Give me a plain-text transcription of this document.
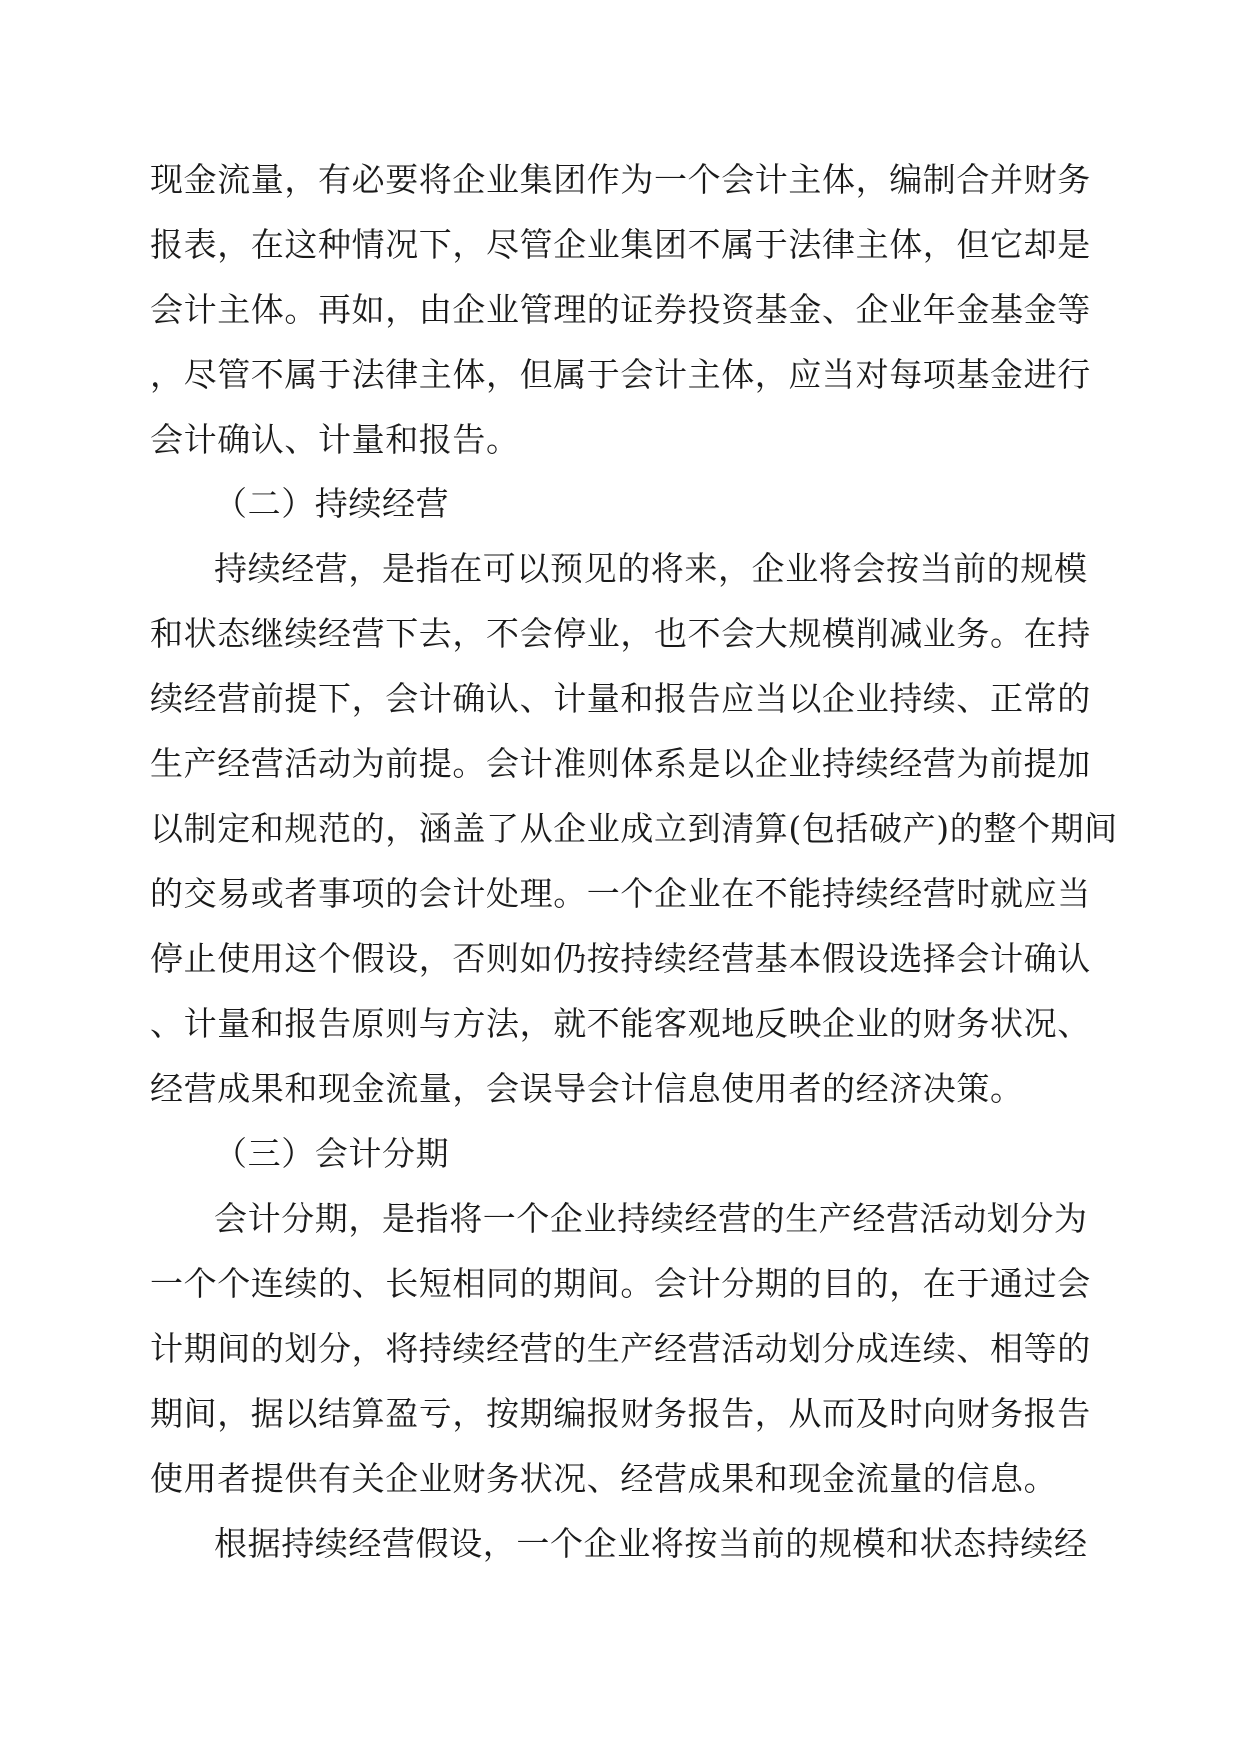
现金流量，有必要将企业集团作为一个会计主体，编制合并财务
报表，在这种情况下，尽管企业集团不属于法律主体，但它却是
会计主体。再如，由企业管理的证券投资基金、企业年金基金等
，尽管不属于法律主体，但属于会计主体，应当对每项基金进行
会计确认、计量和报告。
（二）持续经营
持续经营，是指在可以预见的将来，企业将会按当前的规模
和状态继续经营下去，不会停业，也不会大规模削减业务。在持
续经营前提下，会计确认、计量和报告应当以企业持续、正常的
生产经营活动为前提。会计准则体系是以企业持续经营为前提加
以制定和规范的，涵盖了从企业成立到清算(包括破产)的整个期间
的交易或者事项的会计处理。一个企业在不能持续经营时就应当
停止使用这个假设，否则如仍按持续经营基本假设选择会计确认
、计量和报告原则与方法，就不能客观地反映企业的财务状况、
经营成果和现金流量，会误导会计信息使用者的经济决策。
（三）会计分期
会计分期，是指将一个企业持续经营的生产经营活动划分为
一个个连续的、长短相同的期间。会计分期的目的，在于通过会
计期间的划分，将持续经营的生产经营活动划分成连续、相等的
期间，据以结算盈亏，按期编报财务报告，从而及时向财务报告
使用者提供有关企业财务状况、经营成果和现金流量的信息。
根据持续经营假设，一个企业将按当前的规模和状态持续经
